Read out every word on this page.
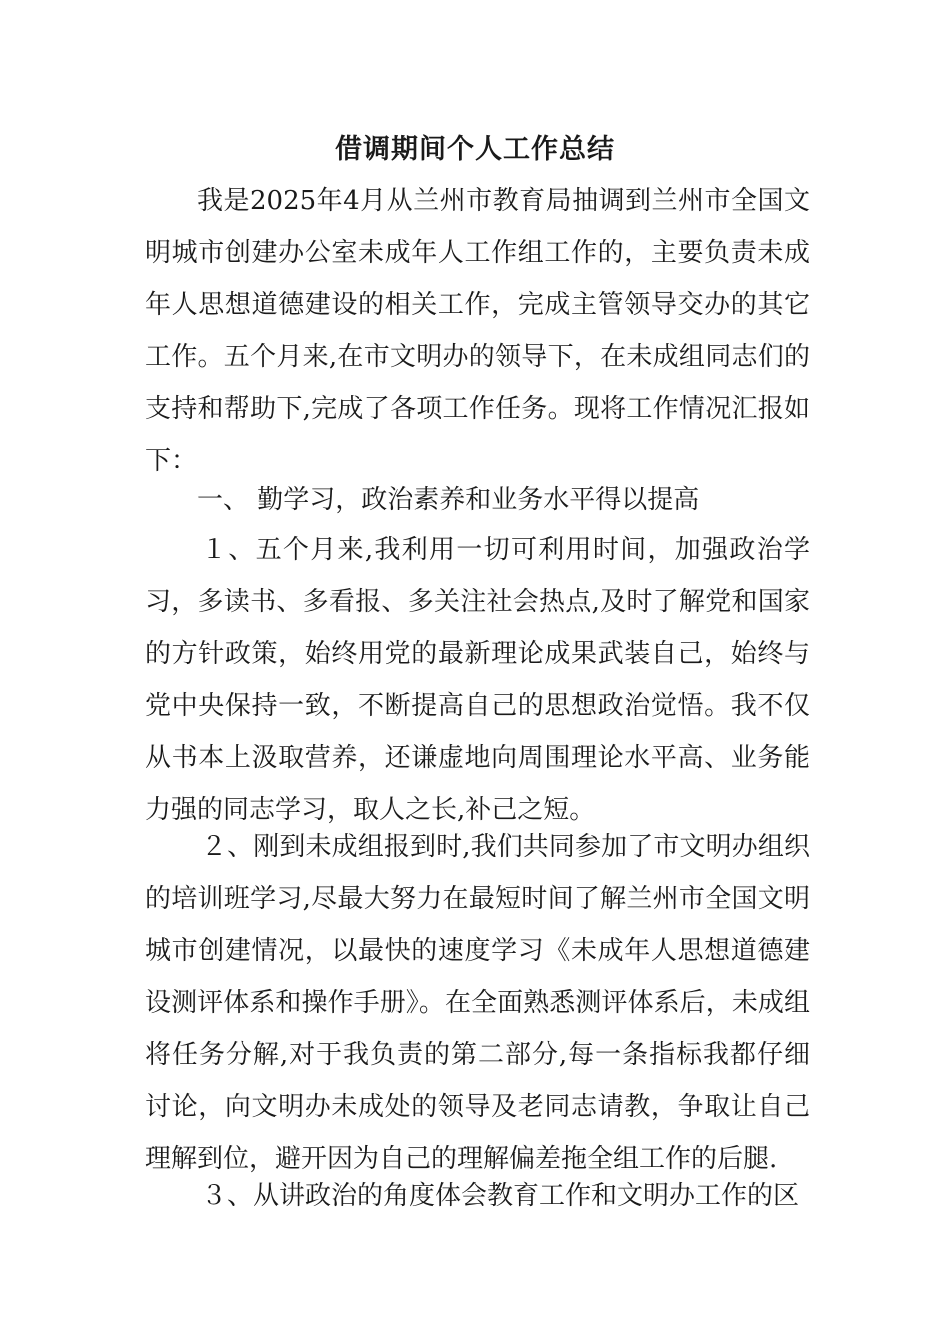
借调期间个人工作总结

我是2025年4月从兰州市教育局抽调到兰州市全国文明城市创建办公室未成年人工作组工作的，主要负责未成年人思想道德建设的相关工作，完成主管领导交办的其它工作。五个月来,在市文明办的领导下，在未成组同志们的支持和帮助下,完成了各项工作任务。现将工作情况汇报如下：

一、 勤学习，政治素养和业务水平得以提高

１、五个月来,我利用一切可利用时间，加强政治学习，多读书、多看报、多关注社会热点,及时了解党和国家的方针政策，始终用党的最新理论成果武装自己，始终与党中央保持一致，不断提高自己的思想政治觉悟。我不仅从书本上汲取营养，还谦虚地向周围理论水平高、业务能力强的同志学习，取人之长,补己之短。

２、刚到未成组报到时,我们共同参加了市文明办组织的培训班学习,尽最大努力在最短时间了解兰州市全国文明城市创建情况，以最快的速度学习《未成年人思想道德建设测评体系和操作手册》。在全面熟悉测评体系后，未成组将任务分解,对于我负责的第二部分,每一条指标我都仔细讨论，向文明办未成处的领导及老同志请教，争取让自己理解到位，避开因为自己的理解偏差拖全组工作的后腿.

３、从讲政治的角度体会教育工作和文明办工作的区
